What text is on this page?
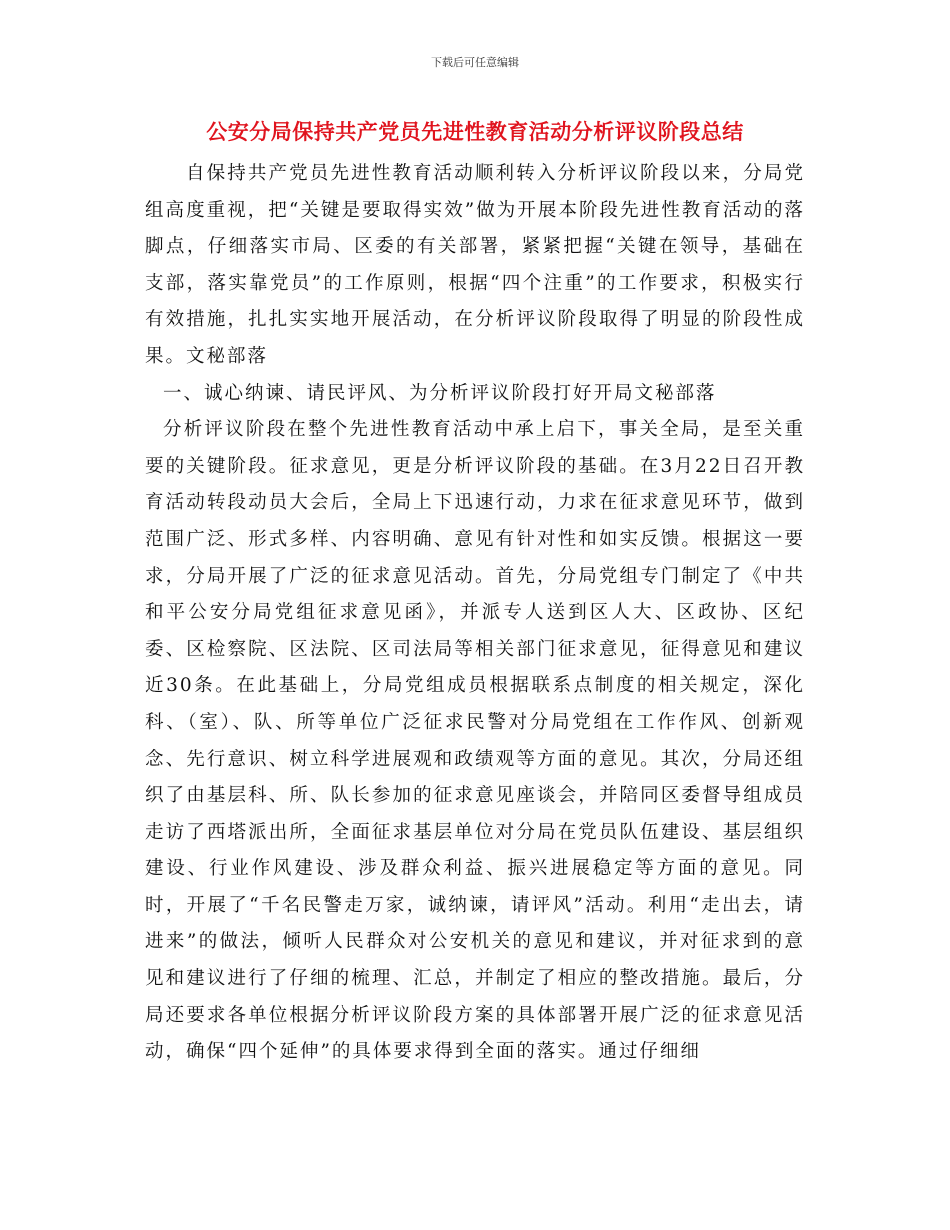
下载后可任意编辑
公安分局保持共产党员先进性教育活动分析评议阶段总结

自保持共产党员先进性教育活动顺利转入分析评议阶段以来，分局党组高度重视，把“关键是要取得实效”做为开展本阶段先进性教育活动的落脚点，仔细落实市局、区委的有关部署，紧紧把握“关键在领导，基础在支部，落实靠党员”的工作原则，根据“四个注重”的工作要求，积极实行有效措施，扎扎实实地开展活动，在分析评议阶段取得了明显的阶段性成果。文秘部落

一、诚心纳谏、请民评风、为分析评议阶段打好开局文秘部落

分析评议阶段在整个先进性教育活动中承上启下，事关全局，是至关重要的关键阶段。征求意见，更是分析评议阶段的基础。在3月22日召开教育活动转段动员大会后，全局上下迅速行动，力求在征求意见环节，做到范围广泛、形式多样、内容明确、意见有针对性和如实反馈。根据这一要求，分局开展了广泛的征求意见活动。首先，分局党组专门制定了《中共和平公安分局党组征求意见函》，并派专人送到区人大、区政协、区纪委、区检察院、区法院、区司法局等相关部门征求意见，征得意见和建议近30条。在此基础上，分局党组成员根据联系点制度的相关规定，深化科、（室）、队、所等单位广泛征求民警对分局党组在工作作风、创新观念、先行意识、树立科学进展观和政绩观等方面的意见。其次，分局还组织了由基层科、所、队长参加的征求意见座谈会，并陪同区委督导组成员走访了西塔派出所，全面征求基层单位对分局在党员队伍建设、基层组织建设、行业作风建设、涉及群众利益、振兴进展稳定等方面的意见。同时，开展了“千名民警走万家，诚纳谏，请评风”活动。利用“走出去，请进来”的做法，倾听人民群众对公安机关的意见和建议，并对征求到的意见和建议进行了仔细的梳理、汇总，并制定了相应的整改措施。最后，分局还要求各单位根据分析评议阶段方案的具体部署开展广泛的征求意见活动，确保“四个延伸”的具体要求得到全面的落实。通过仔细细
